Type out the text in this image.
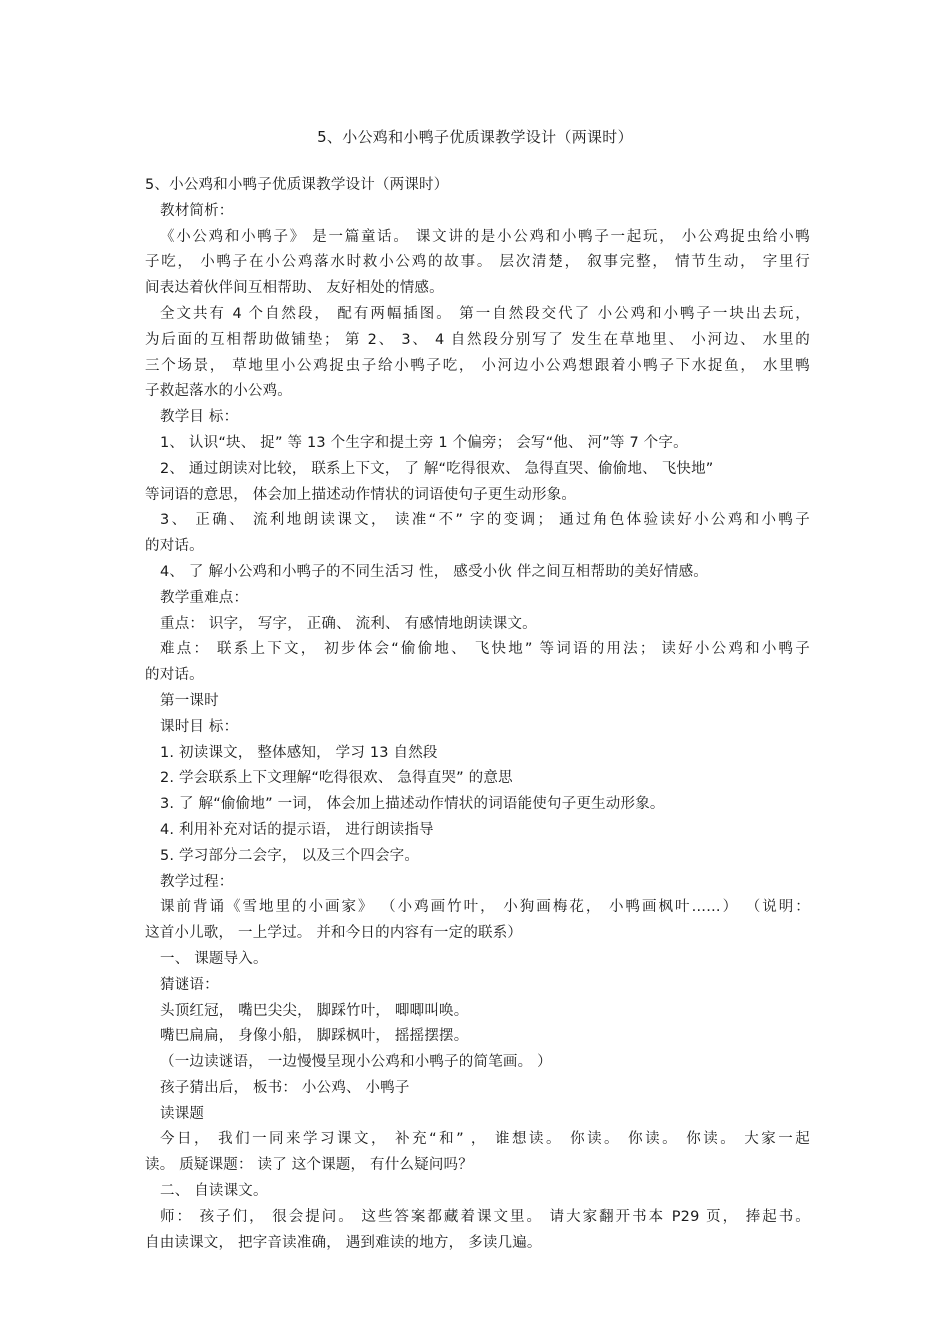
5、小公鸡和小鸭子优质课教学设计（两课时）
5、小公鸡和小鸭子优质课教学设计（两课时）
教材简析：
《小公鸡和小鸭子》 是一篇童话。 课文讲的是小公鸡和小鸭子一起玩， 小公鸡捉虫给小鸭
子吃， 小鸭子在小公鸡落水时救小公鸡的故事。 层次清楚， 叙事完整， 情节生动， 字里行
间表达着伙伴间互相帮助、 友好相处的情感。
全文共有 4 个自然段， 配有两幅插图。 第一自然段交代了 小公鸡和小鸭子一块出去玩，
为后面的互相帮助做铺垫； 第 2、 3、 4 自然段分别写了 发生在草地里、 小河边、 水里的
三个场景， 草地里小公鸡捉虫子给小鸭子吃， 小河边小公鸡想跟着小鸭子下水捉鱼， 水里鸭
子救起落水的小公鸡。
教学目 标：
1、 认识“块、 捉” 等 13 个生字和提土旁 1 个偏旁； 会写“他、 河”等 7 个字。
2、 通过朗读对比较， 联系上下文， 了 解“吃得很欢、 急得直哭、偷偷地、 飞快地”
等词语的意思， 体会加上描述动作情状的词语使句子更生动形象。
3、 正确、 流利地朗读课文， 读准“不” 字的变调； 通过角色体验读好小公鸡和小鸭子
的对话。
4、 了 解小公鸡和小鸭子的不同生活习 性， 感受小伙 伴之间互相帮助的美好情感。
教学重难点：
重点： 识字， 写字， 正确、 流利、 有感情地朗读课文。
难点： 联系上下文， 初步体会“偷偷地、 飞快地” 等词语的用法； 读好小公鸡和小鸭子
的对话。
第一课时
课时目 标：
1. 初读课文， 整体感知， 学习 13 自然段
2. 学会联系上下文理解“吃得很欢、 急得直哭” 的意思
3. 了 解“偷偷地” 一词， 体会加上描述动作情状的词语能使句子更生动形象。
4. 利用补充对话的提示语， 进行朗读指导
5. 学习部分二会字， 以及三个四会字。
教学过程：
课前背诵《雪地里的小画家》 （小鸡画竹叶， 小狗画梅花， 小鸭画枫叶……） （说明：
这首小儿歌， 一上学过。 并和今日的内容有一定的联系）
一、 课题导入。
猜谜语：
头顶红冠， 嘴巴尖尖， 脚踩竹叶， 唧唧叫唤。
嘴巴扁扁， 身像小船， 脚踩枫叶， 摇摇摆摆。
（一边读谜语， 一边慢慢呈现小公鸡和小鸭子的简笔画。 ）
孩子猜出后， 板书： 小公鸡、 小鸭子
读课题
今日， 我们一同来学习课文， 补充“和” ， 谁想读。 你读。 你读。 你读。 大家一起
读。 质疑课题： 读了 这个课题， 有什么疑问吗？
二、 自读课文。
师： 孩子们， 很会提问。 这些答案都藏着课文里。 请大家翻开书本 P29 页， 捧起书。
自由读课文， 把字音读准确， 遇到难读的地方， 多读几遍。
